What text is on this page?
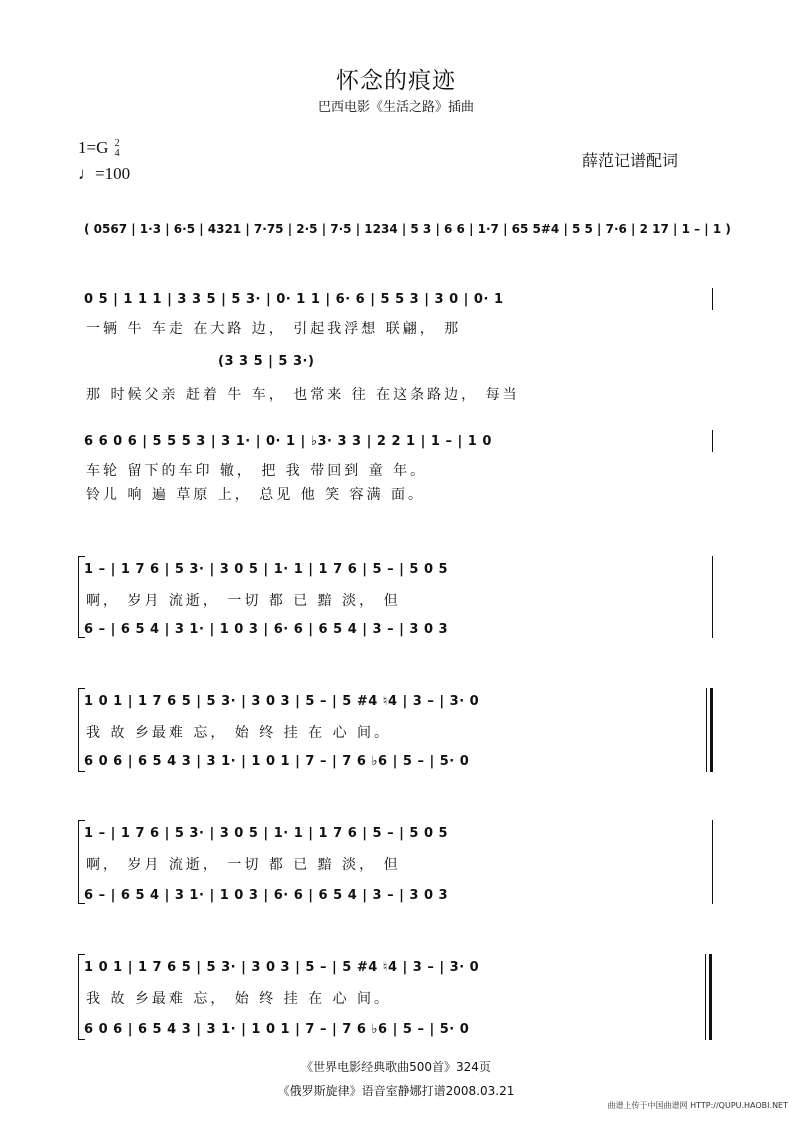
怀念的痕迹
巴西电影《生活之路》插曲
1=G 2
4
♩=100
薛范记谱配词
( 0567 | 1·3 | 6·5 | 4321 | 7·75 | 2·5 | 7·5 | 1234 | 5 3 | 6 6 | 1·7 | 65 5#4 | 5 5 | 7·6 | 2 17 | 1 – | 1 )
0 5 | 1 1 1 | 3 3 5 | 5 3· | 0· 1 1 | 6· 6 | 5 5 3 | 3 0 | 0· 1
一辆 牛 车走 在大路 边， 引起我浮想 联翩， 那
(3 3 5 | 5 3·)
那 时候父亲 赶着 牛 车， 也常来 往 在这条路边， 每当
6 6 0 6 | 5 5 5 3 | 3 1· | 0· 1 | ♭3· 3 3 | 2 2 1 | 1 – | 1 0
车轮 留下的车印 辙， 把 我 带回到 童 年。
铃儿 响 遍 草原 上， 总见 他 笑 容满 面。
1 – | 1 7 6 | 5 3· | 3 0 5 | 1· 1 | 1 7 6 | 5 – | 5 0 5
啊， 岁月 流逝， 一切 都 已 黯 淡， 但
6 – | 6 5 4 | 3 1· | 1 0 3 | 6· 6 | 6 5 4 | 3 – | 3 0 3
1 0 1 | 1 7 6 5 | 5 3· | 3 0 3 | 5 – | 5 #4 ♮4 | 3 – | 3· 0
我 故 乡最难 忘， 始 终 挂 在 心 间。
6 0 6 | 6 5 4 3 | 3 1· | 1 0 1 | 7 – | 7 6 ♭6 | 5 – | 5· 0
1 – | 1 7 6 | 5 3· | 3 0 5 | 1· 1 | 1 7 6 | 5 – | 5 0 5
啊， 岁月 流逝， 一切 都 已 黯 淡， 但
6 – | 6 5 4 | 3 1· | 1 0 3 | 6· 6 | 6 5 4 | 3 – | 3 0 3
1 0 1 | 1 7 6 5 | 5 3· | 3 0 3 | 5 – | 5 #4 ♮4 | 3 – | 3· 0
我 故 乡最难 忘， 始 终 挂 在 心 间。
6 0 6 | 6 5 4 3 | 3 1· | 1 0 1 | 7 – | 7 6 ♭6 | 5 – | 5· 0
《世界电影经典歌曲500首》324页
《俄罗斯旋律》语音室静娜打谱2008.03.21
曲谱上传于中国曲谱网 HTTP://QUPU.HAOBI.NET
